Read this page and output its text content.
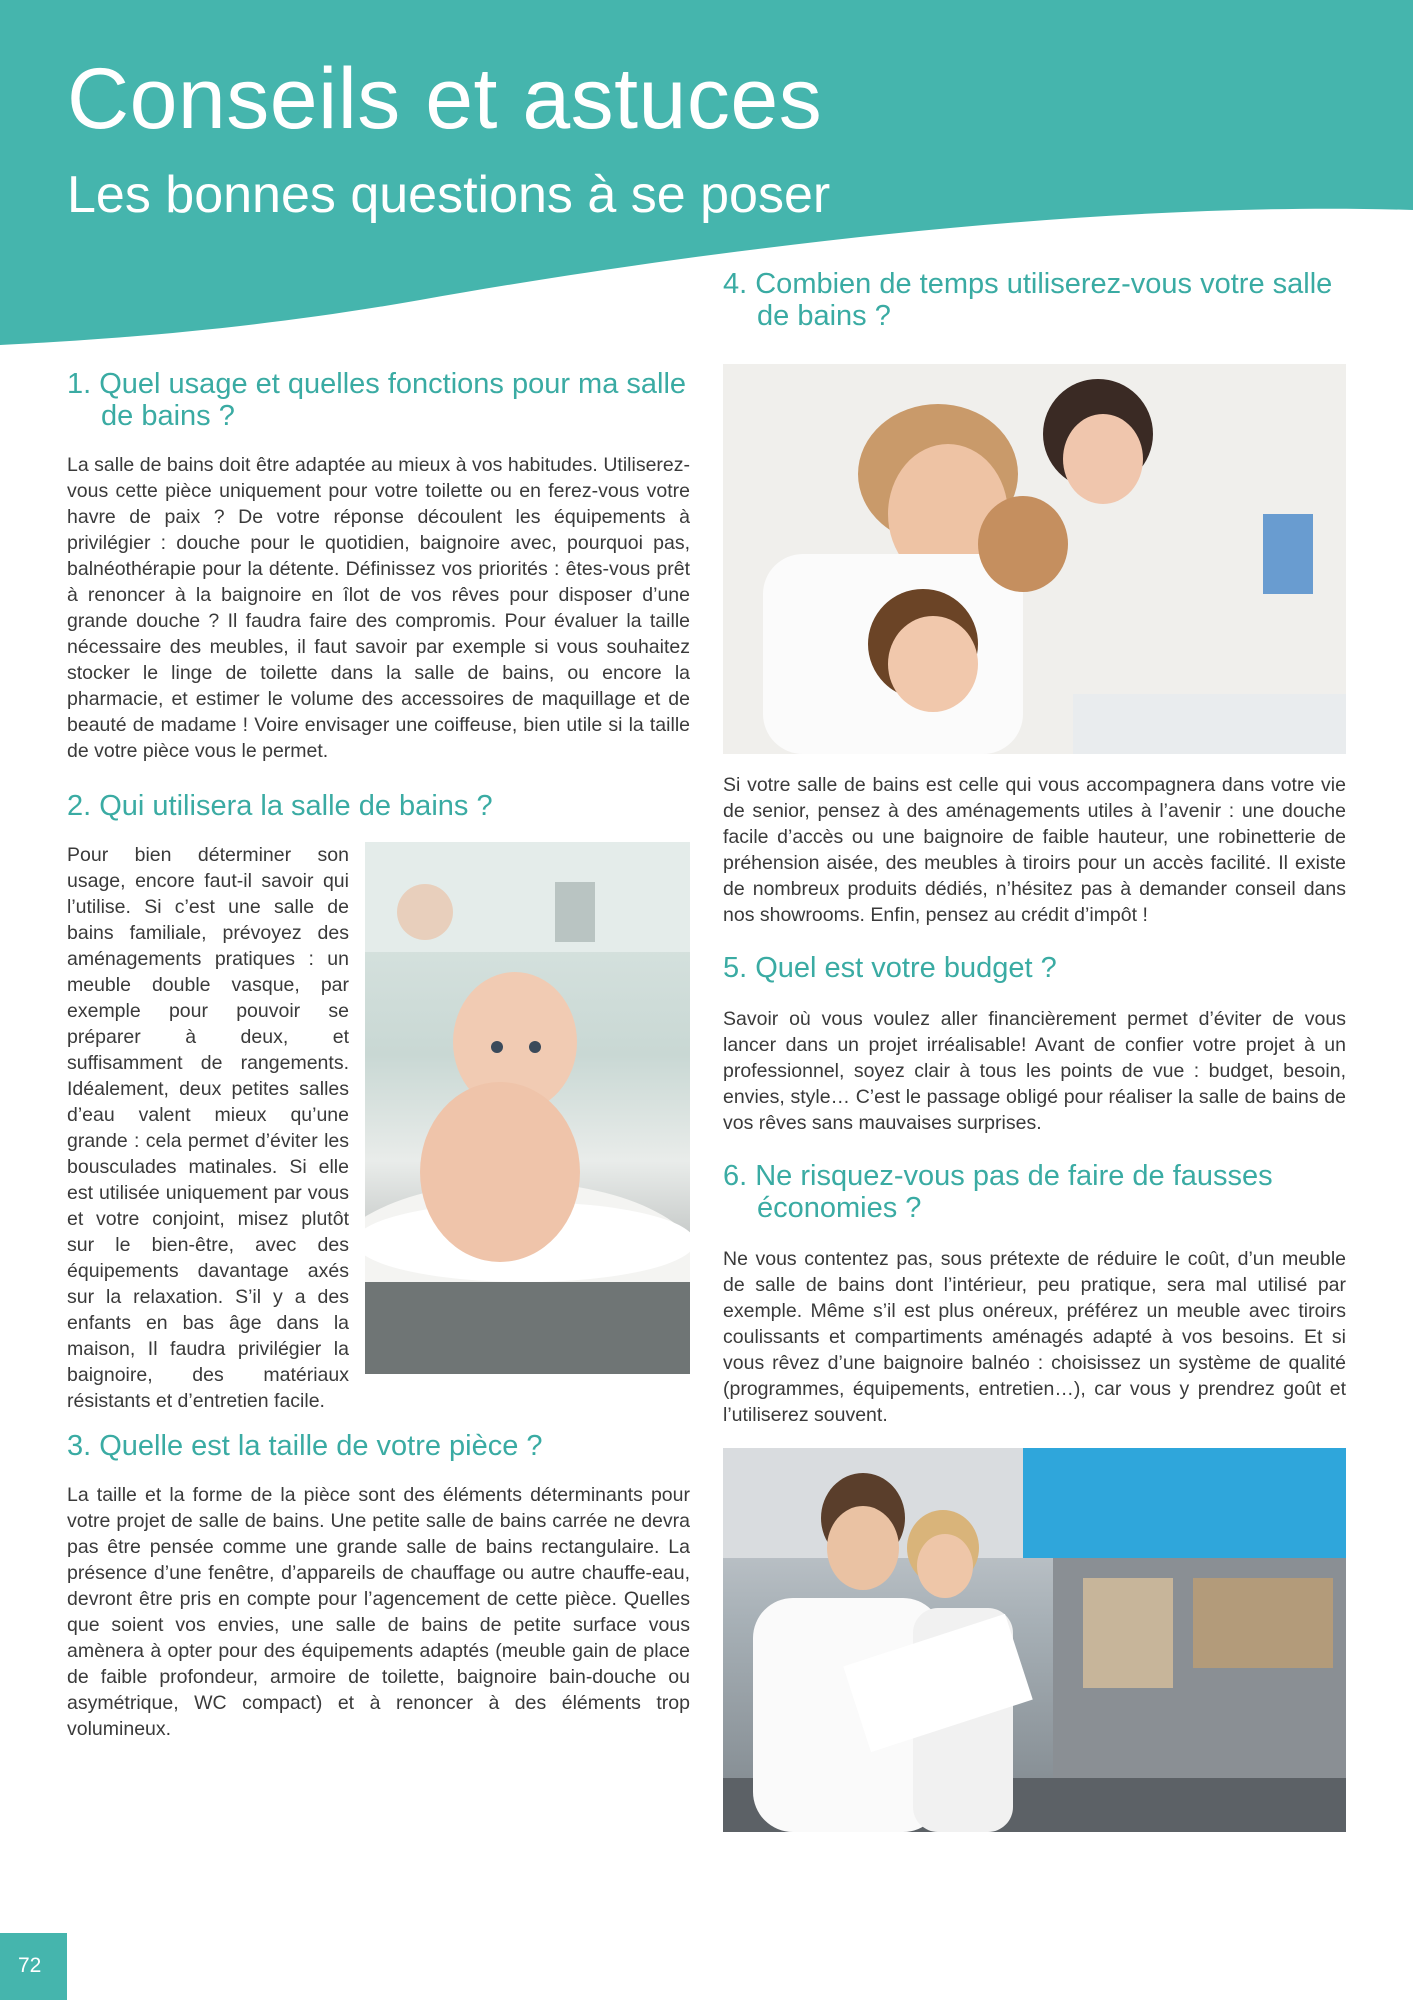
Conseils et astuces
Les bonnes questions à se poser
1. Quel usage et quelles fonctions pour ma salle de bains ?

La salle de bains doit être adaptée au mieux à vos habitudes. Utiliserez-vous cette pièce uniquement pour votre toilette ou en ferez-vous votre havre de paix ? De votre réponse découlent les équipements à privilégier : douche pour le quotidien, baignoire avec, pourquoi pas, balnéothérapie pour la détente. Définissez vos priorités : êtes-vous prêt à renoncer à la baignoire en îlot de vos rêves pour disposer d’une grande douche ? Il faudra faire des compromis. Pour évaluer la taille nécessaire des meubles, il faut savoir par exemple si vous souhaitez stocker le linge de toilette dans la salle de bains, ou encore la pharmacie, et estimer le volume des accessoires de maquillage et de beauté de madame ! Voire envisager une coiffeuse, bien utile si la taille de votre pièce vous le permet.

2. Qui utilisera la salle de bains ?

Pour bien déterminer son usage, encore faut-il savoir qui l’utilise. Si c’est une salle de bains familiale, prévoyez des aménagements pratiques : un meuble double vasque, par exemple pour pouvoir se préparer à deux, et suffisamment de rangements. Idéalement, deux petites salles d’eau valent mieux qu’une grande : cela permet d’éviter les bousculades matinales. Si elle est utilisée uniquement par vous et votre conjoint, misez plutôt sur le bien-être, avec des équipements davantage axés sur la relaxation. S’il y a des enfants en bas âge dans la maison, Il faudra privilégier la baignoire, des matériaux résistants et d’entretien facile.

3. Quelle est la taille de votre pièce ?

La taille et la forme de la pièce sont des éléments déterminants pour votre projet de salle de bains. Une petite salle de bains carrée ne devra pas être pensée comme une grande salle de bains rectangulaire. La présence d’une fenêtre, d’appareils de chauffage ou autre chauffe-eau, devront être pris en compte pour l’agencement de cette pièce. Quelles que soient vos envies, une salle de bains de petite surface vous amènera à opter pour des équipements adaptés (meuble gain de place de faible profondeur, armoire de toilette, baignoire bain-douche ou asymétrique, WC compact) et à renoncer à des éléments trop volumineux.

4. Combien de temps utiliserez-vous votre salle de bains ?

Si votre salle de bains est celle qui vous accompagnera dans votre vie de senior, pensez à des aménagements utiles à l’avenir : une douche facile d’accès ou une baignoire de faible hauteur, une robinetterie de préhension aisée, des meubles à tiroirs pour un accès facilité. Il existe de nombreux produits dédiés, n’hésitez pas à demander conseil dans nos showrooms. Enfin, pensez au crédit d’impôt !

5. Quel est votre budget ?

Savoir où vous voulez aller financièrement permet d’éviter de vous lancer dans un projet irréalisable! Avant de confier votre projet à un professionnel, soyez clair à tous les points de vue : budget, besoin, envies, style… C’est le passage obligé pour réaliser la salle de bains de vos rêves sans mauvaises surprises.

6. Ne risquez-vous pas de faire de fausses économies ?

Ne vous contentez pas, sous prétexte de réduire le coût, d’un meuble de salle de bains dont l’intérieur, peu pratique, sera mal utilisé par exemple. Même s’il est plus onéreux, préférez un meuble avec tiroirs coulissants et compartiments aménagés adapté à vos besoins. Et si vous rêvez d’une baignoire balnéo : choisissez un système de qualité (programmes, équipements, entretien…), car vous y prendrez goût et l’utiliserez souvent.

72
